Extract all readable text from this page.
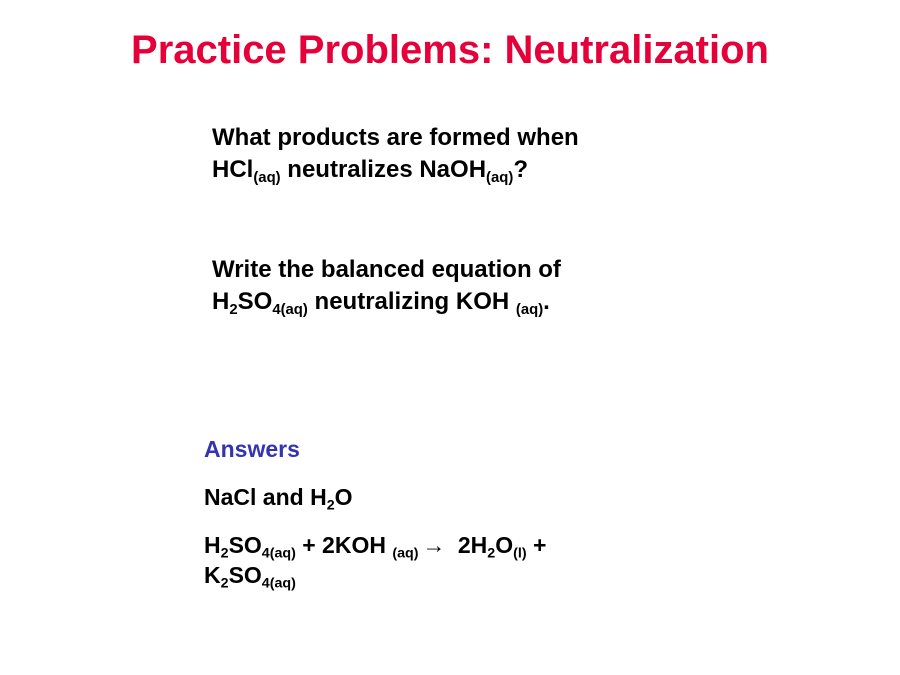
Practice Problems: Neutralization
What products are formed when
HCl$_{(aq)}$ neutralizes NaOH$_{(aq)}$?
Write the balanced equation of
$H_2SO_{4(aq)}$ neutralizing KOH $_{(aq)}$.
Answers
NaCl and $H_2O$
$H_2SO_{4(aq)} + 2KOH$ $_{(aq)} \to 2H_2O_{(l)}$ +
$K_2SO_{4(aq)}$
